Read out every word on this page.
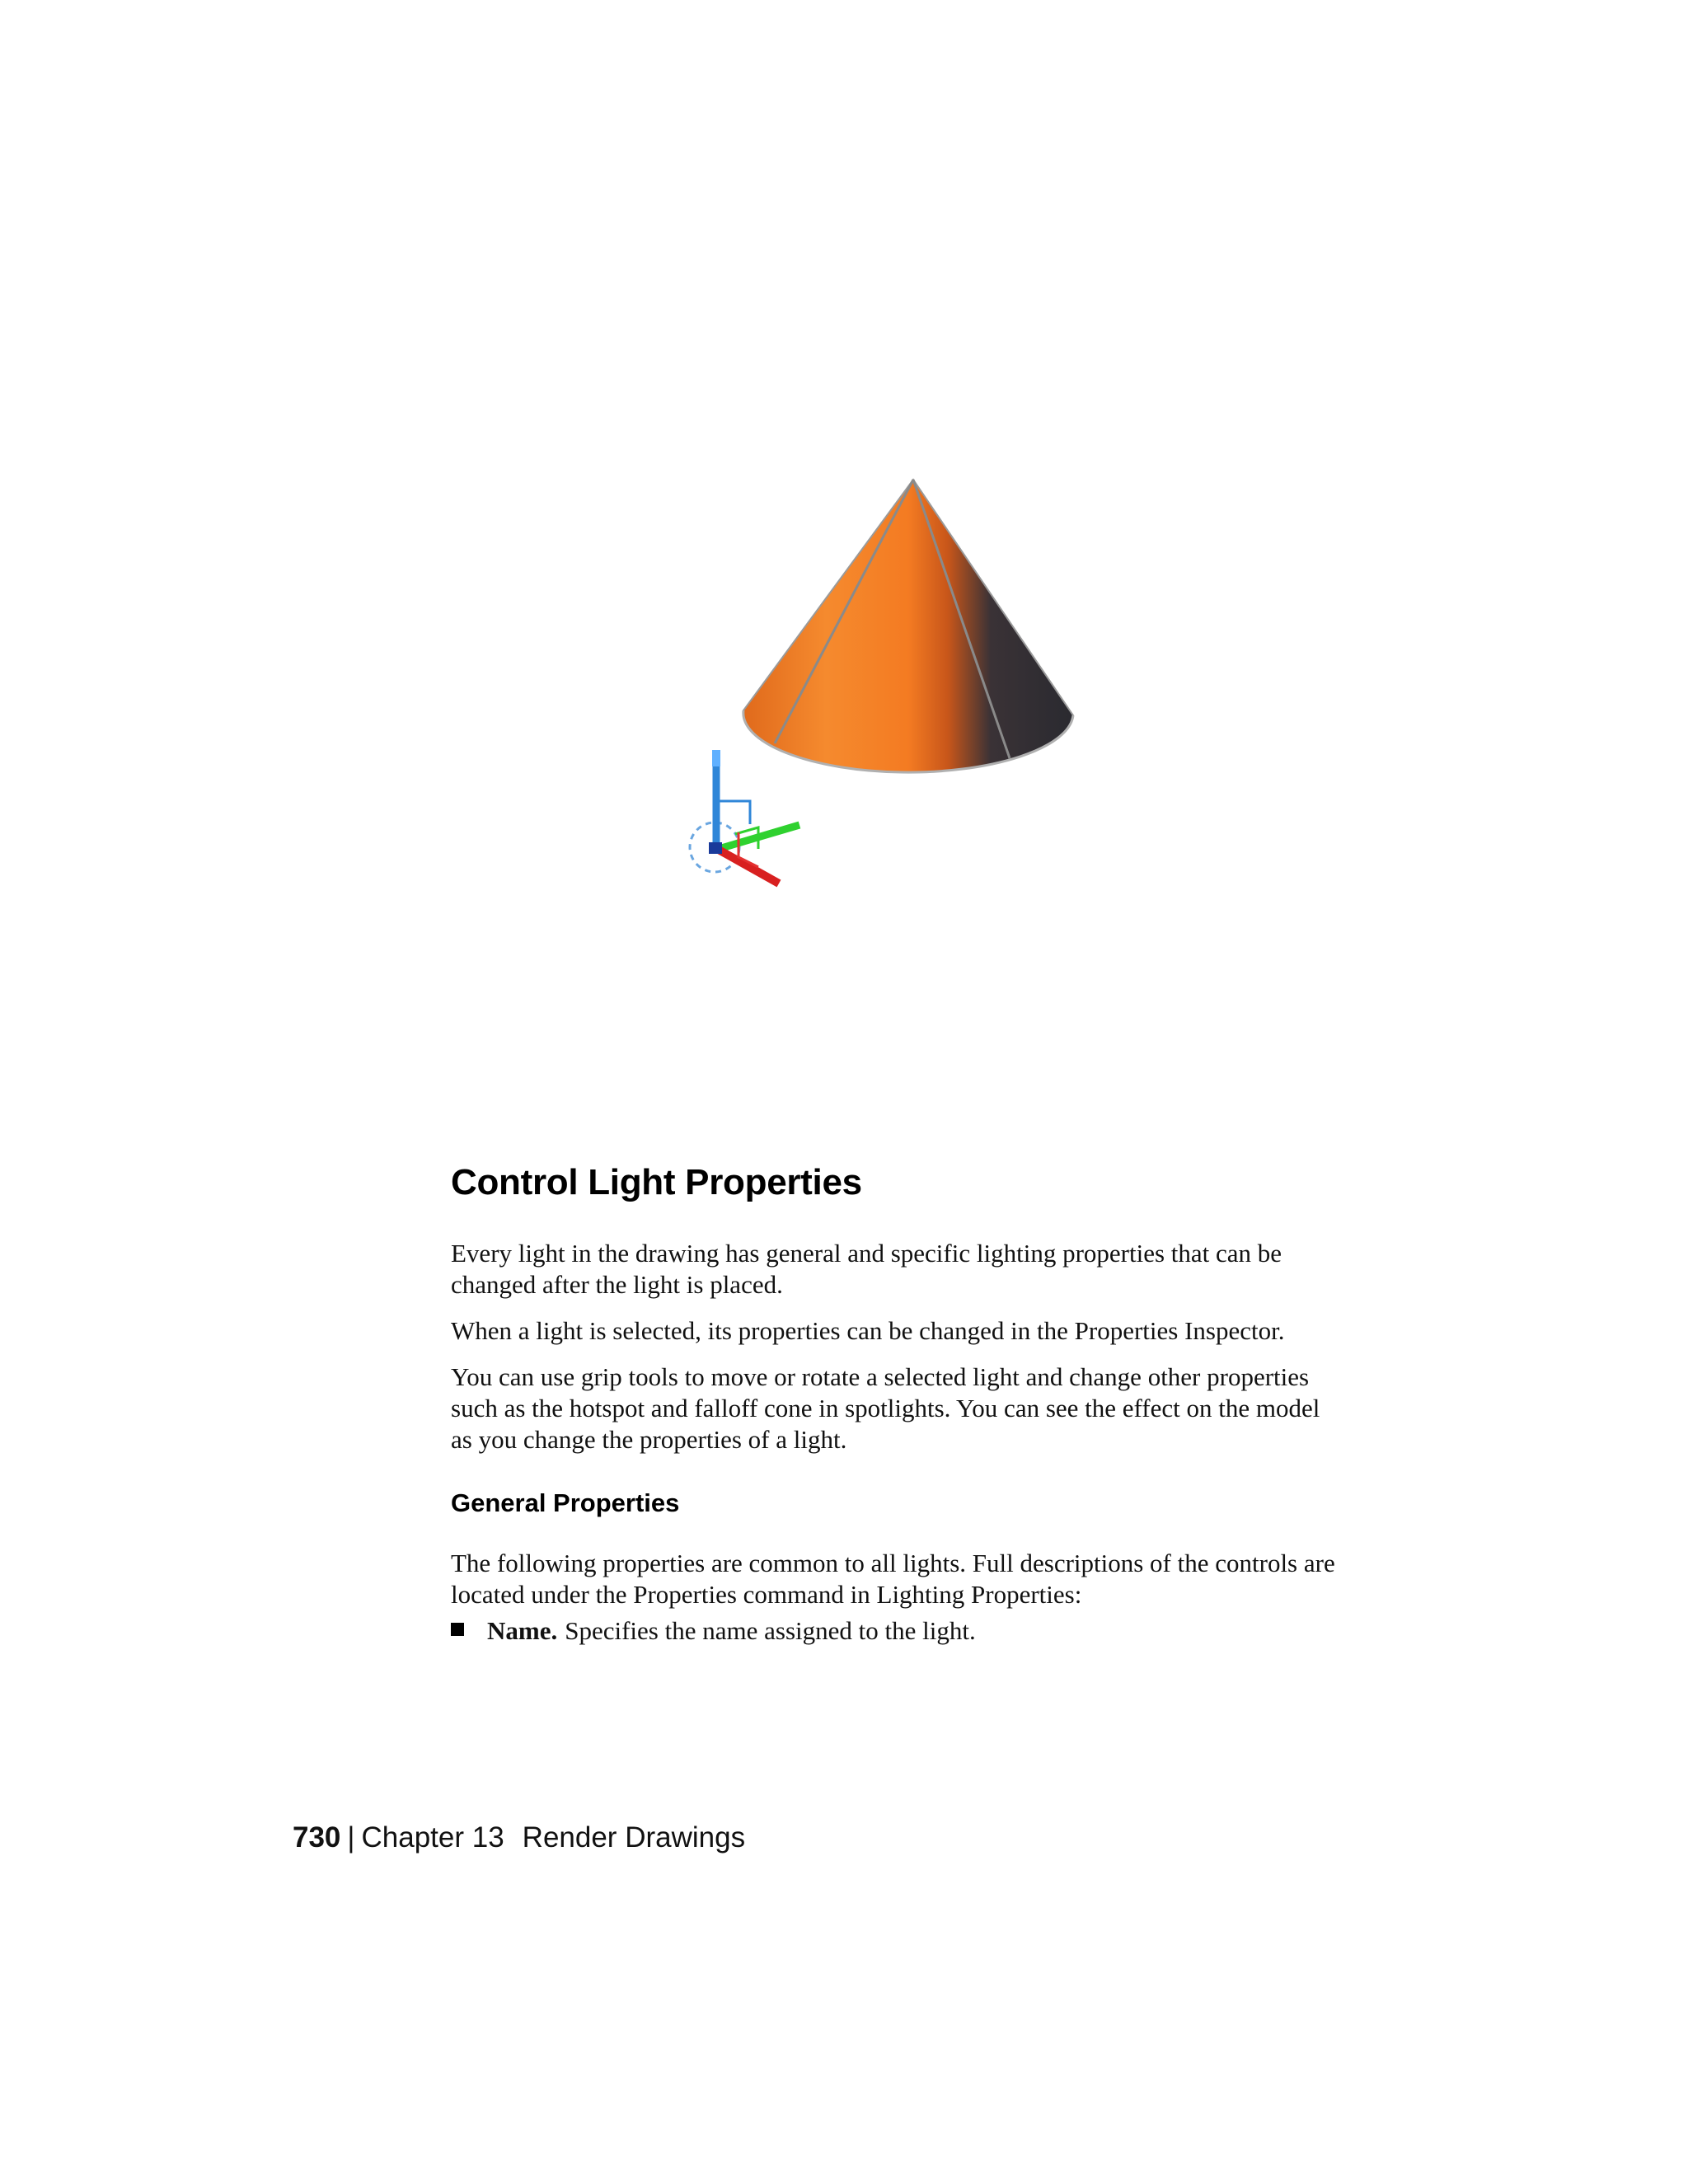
Control Light Properties

Every light in the drawing has general and specific lighting properties that can be changed after the light is placed.

When a light is selected, its properties can be changed in the Properties Inspector.

You can use grip tools to move or rotate a selected light and change other properties such as the hotspot and falloff cone in spotlights. You can see the effect on the model as you change the properties of a light.

General Properties

The following properties are common to all lights. Full descriptions of the controls are located under the Properties command in Lighting Properties:

Name. Specifies the name assigned to the light.
730 | Chapter 13 Render Drawings
